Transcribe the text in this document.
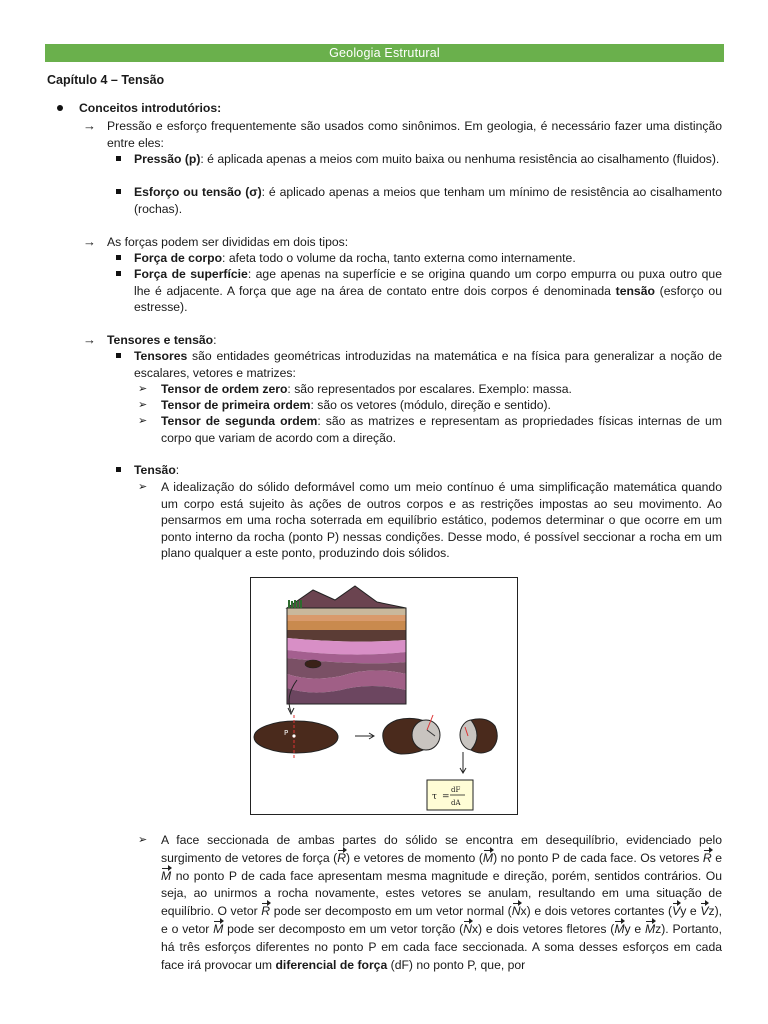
Geologia Estrutural
Capítulo 4 – Tensão
Conceitos introdutórios:
→ Pressão e esforço frequentemente são usados como sinônimos. Em geologia, é necessário fazer uma distinção entre eles:
Pressão (p): é aplicada apenas a meios com muito baixa ou nenhuma resistência ao cisalhamento (fluidos).
Esforço ou tensão (σ): é aplicado apenas a meios que tenham um mínimo de resistência ao cisalhamento (rochas).
→ As forças podem ser divididas em dois tipos:
Força de corpo: afeta todo o volume da rocha, tanto externa como internamente.
Força de superfície: age apenas na superfície e se origina quando um corpo empurra ou puxa outro que lhe é adjacente. A força que age na área de contato entre dois corpos é denominada tensão (esforço ou estresse).
→ Tensores e tensão:
Tensores são entidades geométricas introduzidas na matemática e na física para generalizar a noção de escalares, vetores e matrizes:
➢ Tensor de ordem zero: são representados por escalares. Exemplo: massa.
➢ Tensor de primeira ordem: são os vetores (módulo, direção e sentido).
➢ Tensor de segunda ordem: são as matrizes e representam as propriedades físicas internas de um corpo que variam de acordo com a direção.
Tensão:
➢ A idealização do sólido deformável como um meio contínuo é uma simplificação matemática quando um corpo está sujeito às ações de outros corpos e as restrições impostas ao seu movimento. Ao pensarmos em uma rocha soterrada em equilíbrio estático, podemos determinar o que ocorre em um ponto interno da rocha (ponto P) nessas condições. Desse modo, é possível seccionar a rocha em um plano qualquer a este ponto, produzindo dois sólidos.
P
τ =
dF
dA
➢ A face seccionada de ambas partes do sólido se encontra em desequilíbrio, evidenciado pelo surgimento de vetores de força (R) e vetores de momento (M) no ponto P de cada face. Os vetores R e M no ponto P de cada face apresentam mesma magnitude e direção, porém, sentidos contrários. Ou seja, ao unirmos a rocha novamente, estes vetores se anulam, resultando em uma situação de equilíbrio. O vetor R pode ser decomposto em um vetor normal (Nx) e dois vetores cortantes (Vy e Vz), e o vetor M pode ser decomposto em um vetor torção (Nx) e dois vetores fletores (My e Mz). Portanto, há três esforços diferentes no ponto P em cada face seccionada. A soma desses esforços em cada face irá provocar um diferencial de força (dF) no ponto P, que, por
